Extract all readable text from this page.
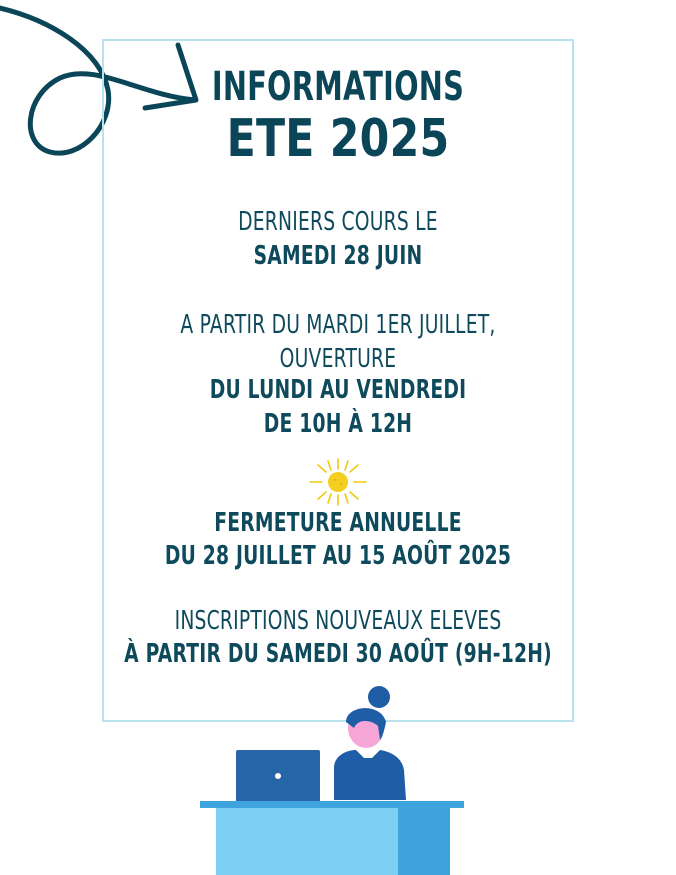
INFORMATIONS
ETE 2025
DERNIERS COURS LE
SAMEDI 28 JUIN
A PARTIR DU MARDI 1ER JUILLET,
OUVERTURE
DU LUNDI AU VENDREDI
DE 10H À 12H
FERMETURE ANNUELLE
DU 28 JUILLET AU 15 AOÛT 2025
INSCRIPTIONS NOUVEAUX ELEVES
À PARTIR DU SAMEDI 30 AOÛT (9H-12H)
